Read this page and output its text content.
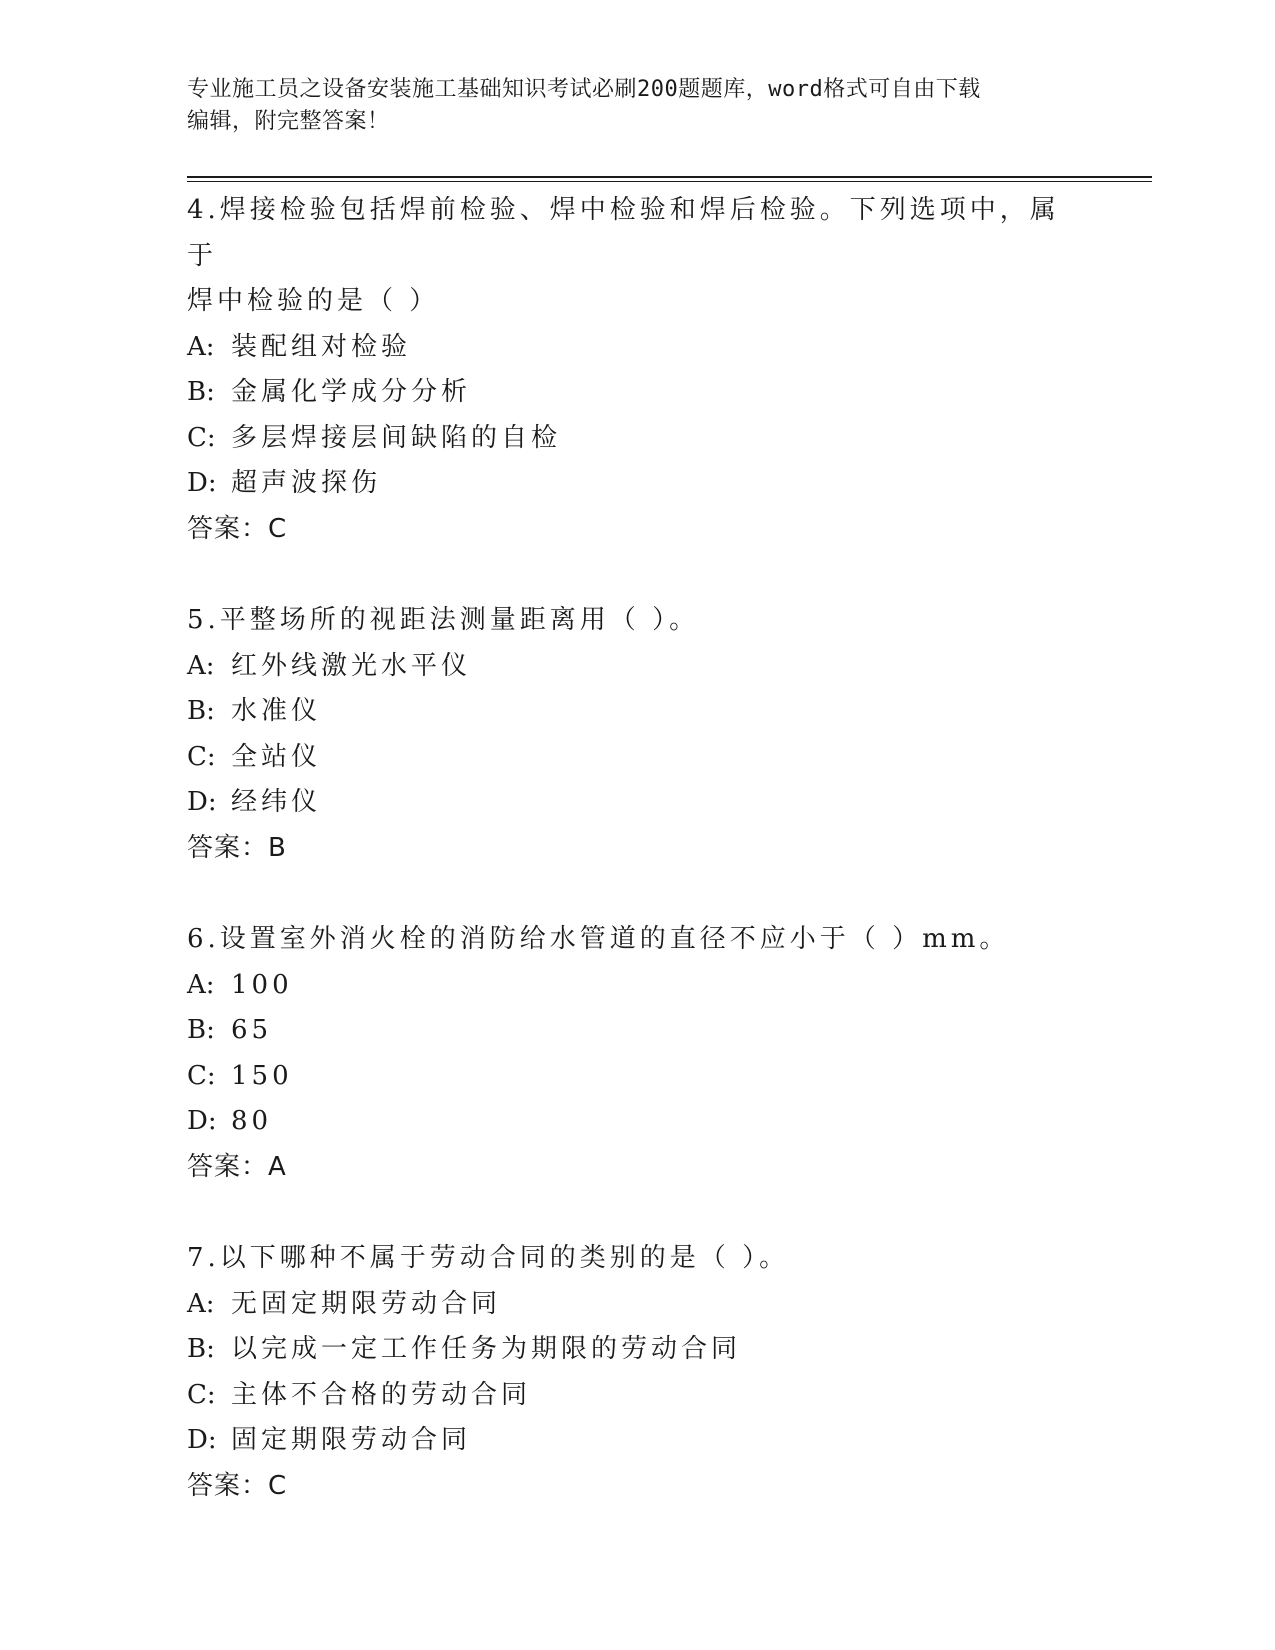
专业施工员之设备安装施工基础知识考试必刷200题题库，word格式可自由下载
编辑，附完整答案！
4.焊接检验包括焊前检验、焊中检验和焊后检验。下列选项中，属于
焊中检验的是（ ）
A: 装配组对检验
B: 金属化学成分分析
C: 多层焊接层间缺陷的自检
D: 超声波探伤
答案：C
5.平整场所的视距法测量距离用（ ）。
A: 红外线激光水平仪
B: 水准仪
C: 全站仪
D: 经纬仪
答案：B
6.设置室外消火栓的消防给水管道的直径不应小于（ ）mm。
A: 100
B: 65
C: 150
D: 80
答案：A
7.以下哪种不属于劳动合同的类别的是（ ）。
A: 无固定期限劳动合同
B: 以完成一定工作任务为期限的劳动合同
C: 主体不合格的劳动合同
D: 固定期限劳动合同
答案：C
